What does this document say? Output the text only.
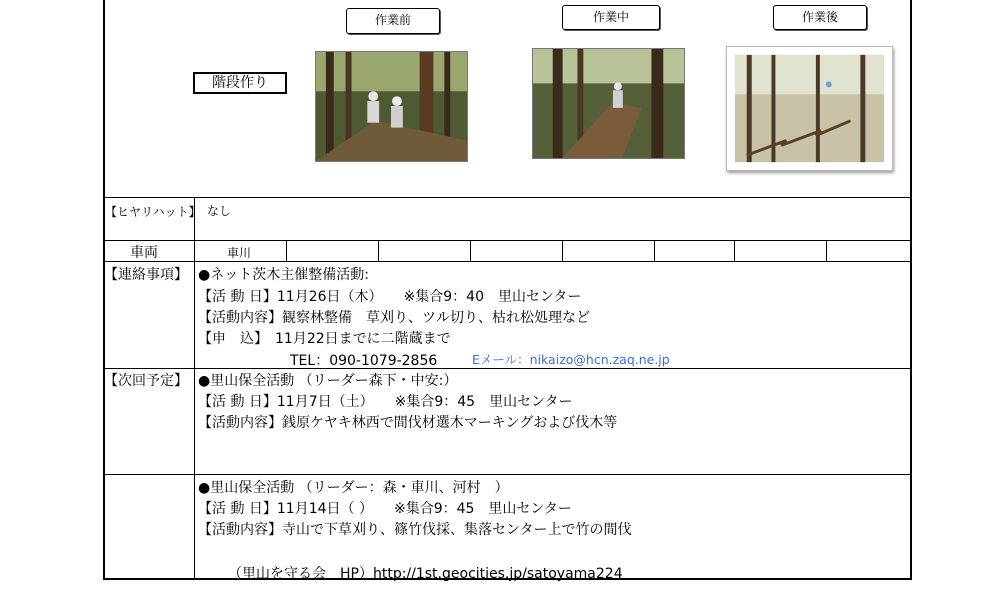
作業前	作業中	作業後
階段作り
【ヒヤリハット】 なし
車両	車川
【連絡事項】 ●ネット茨木主催整備活動:
【活 動 日】11月26日（木）　　※集合9：40　里山センター
【活動内容】観察林整備　草刈り、ツル切り、枯れ松処理など
【申　込】　11月22日までに二階蔵まで
TEL：090-1079-2856	Eメール：nikaizo@hcn.zaq.ne.jp
【次回予定】 ●里山保全活動 （リーダー森下・中安:）
【活 動 日】11月7日（土）　　※集合9：45　里山センター
【活動内容】銭原ケヤキ林西で間伐材選木マーキングおよび伐木等
●里山保全活動 （リーダー：森・車川、河村　）
【活 動 日】11月14日（ ）　　※集合9：45　里山センター
【活動内容】寺山で下草刈り、篠竹伐採、集落センター上で竹の間伐
（里山を守る会　HP）http://1st.geocities.jp/satoyama224
